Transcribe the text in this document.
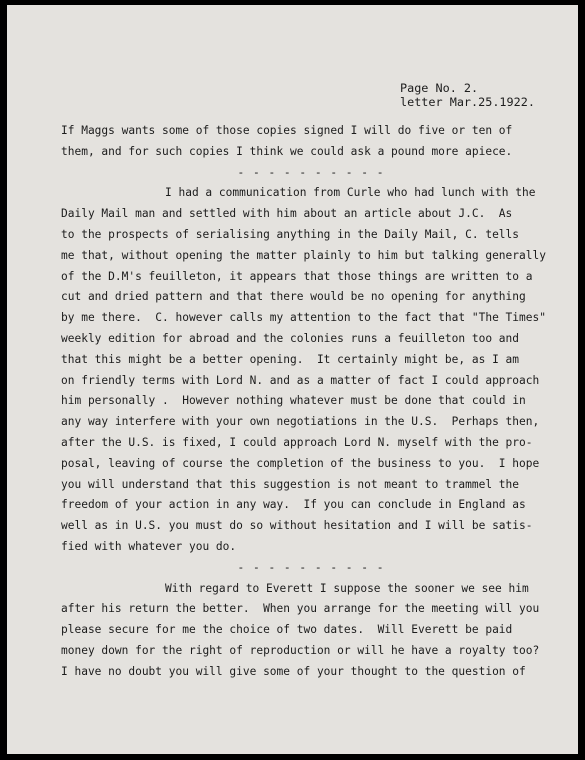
Page No. 2.
letter Mar.25.1922.
If Maggs wants some of those copies signed I will do five or ten of
them, and for such copies I think we could ask a pound more apiece.
- - - - - - - - - -
I had a communication from Curle who had lunch with the
Daily Mail man and settled with him about an article about J.C.  As
to the prospects of serialising anything in the Daily Mail, C. tells
me that, without opening the matter plainly to him but talking generally
of the D.M's feuilleton, it appears that those things are written to a
cut and dried pattern and that there would be no opening for anything
by me there.  C. however calls my attention to the fact that "The Times"
weekly edition for abroad and the colonies runs a feuilleton too and
that this might be a better opening.  It certainly might be, as I am
on friendly terms with Lord N. and as a matter of fact I could approach
him personally .  However nothing whatever must be done that could in
any way interfere with your own negotiations in the U.S.  Perhaps then,
after the U.S. is fixed, I could approach Lord N. myself with the pro-
posal, leaving of course the completion of the business to you.  I hope
you will understand that this suggestion is not meant to trammel the
freedom of your action in any way.  If you can conclude in England as
well as in U.S. you must do so without hesitation and I will be satis-
fied with whatever you do.
- - - - - - - - - -
With regard to Everett I suppose the sooner we see him
after his return the better.  When you arrange for the meeting will you
please secure for me the choice of two dates.  Will Everett be paid
money down for the right of reproduction or will he have a royalty too?
I have no doubt you will give some of your thought to the question of
